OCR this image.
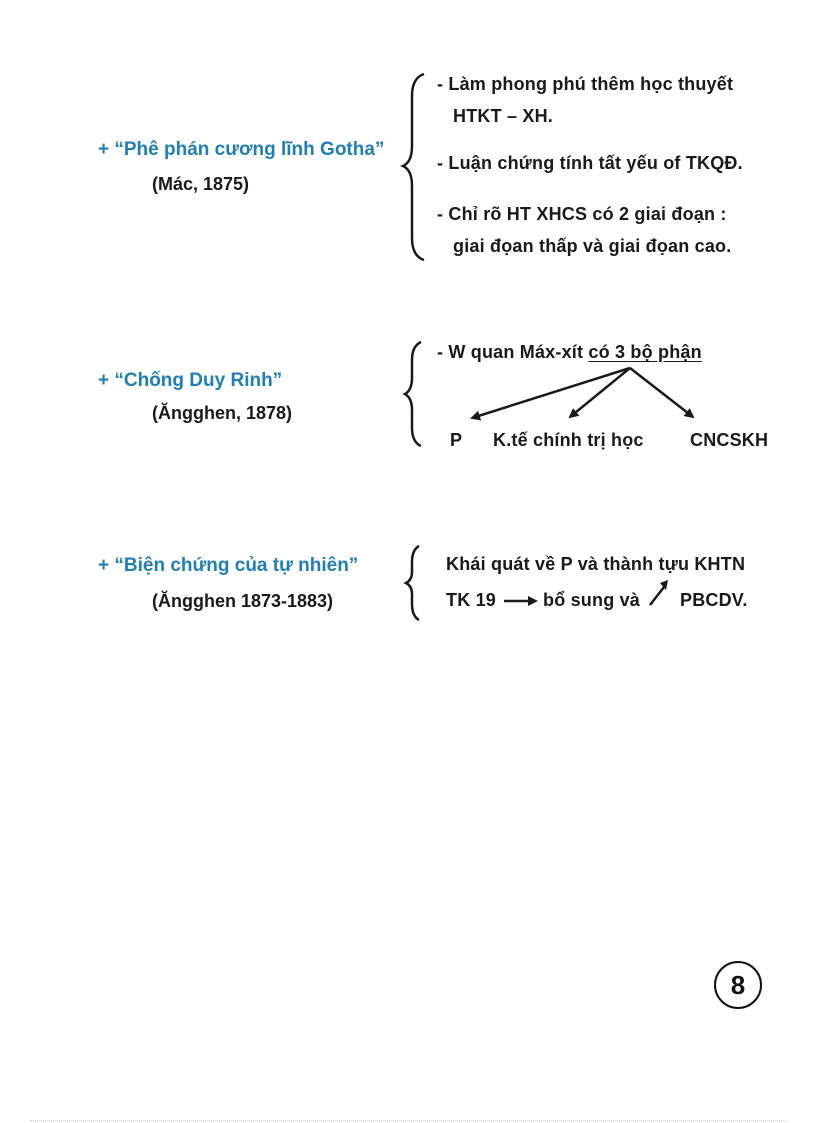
+ “Phê phán cương lĩnh Gotha”
(Mác, 1875)
- Làm phong phú thêm học thuyết
HTKT – XH.
- Luận chứng tính tất yếu of TKQĐ.
- Chỉ rõ HT XHCS có 2 giai đoạn :
giai đọan thấp và giai đọan cao.
+ “Chống Duy Rinh”
(Ăngghen, 1878)
- W quan Máx-xít có 3 bộ phận
P K.tế chính trị học	CNCSKH
+ “Biện chứng của tự nhiên”
(Ăngghen 1873-1883)
Khái quát về P và thành tựu KHTN
TK 19	bổ sung và PBCDV.
8
